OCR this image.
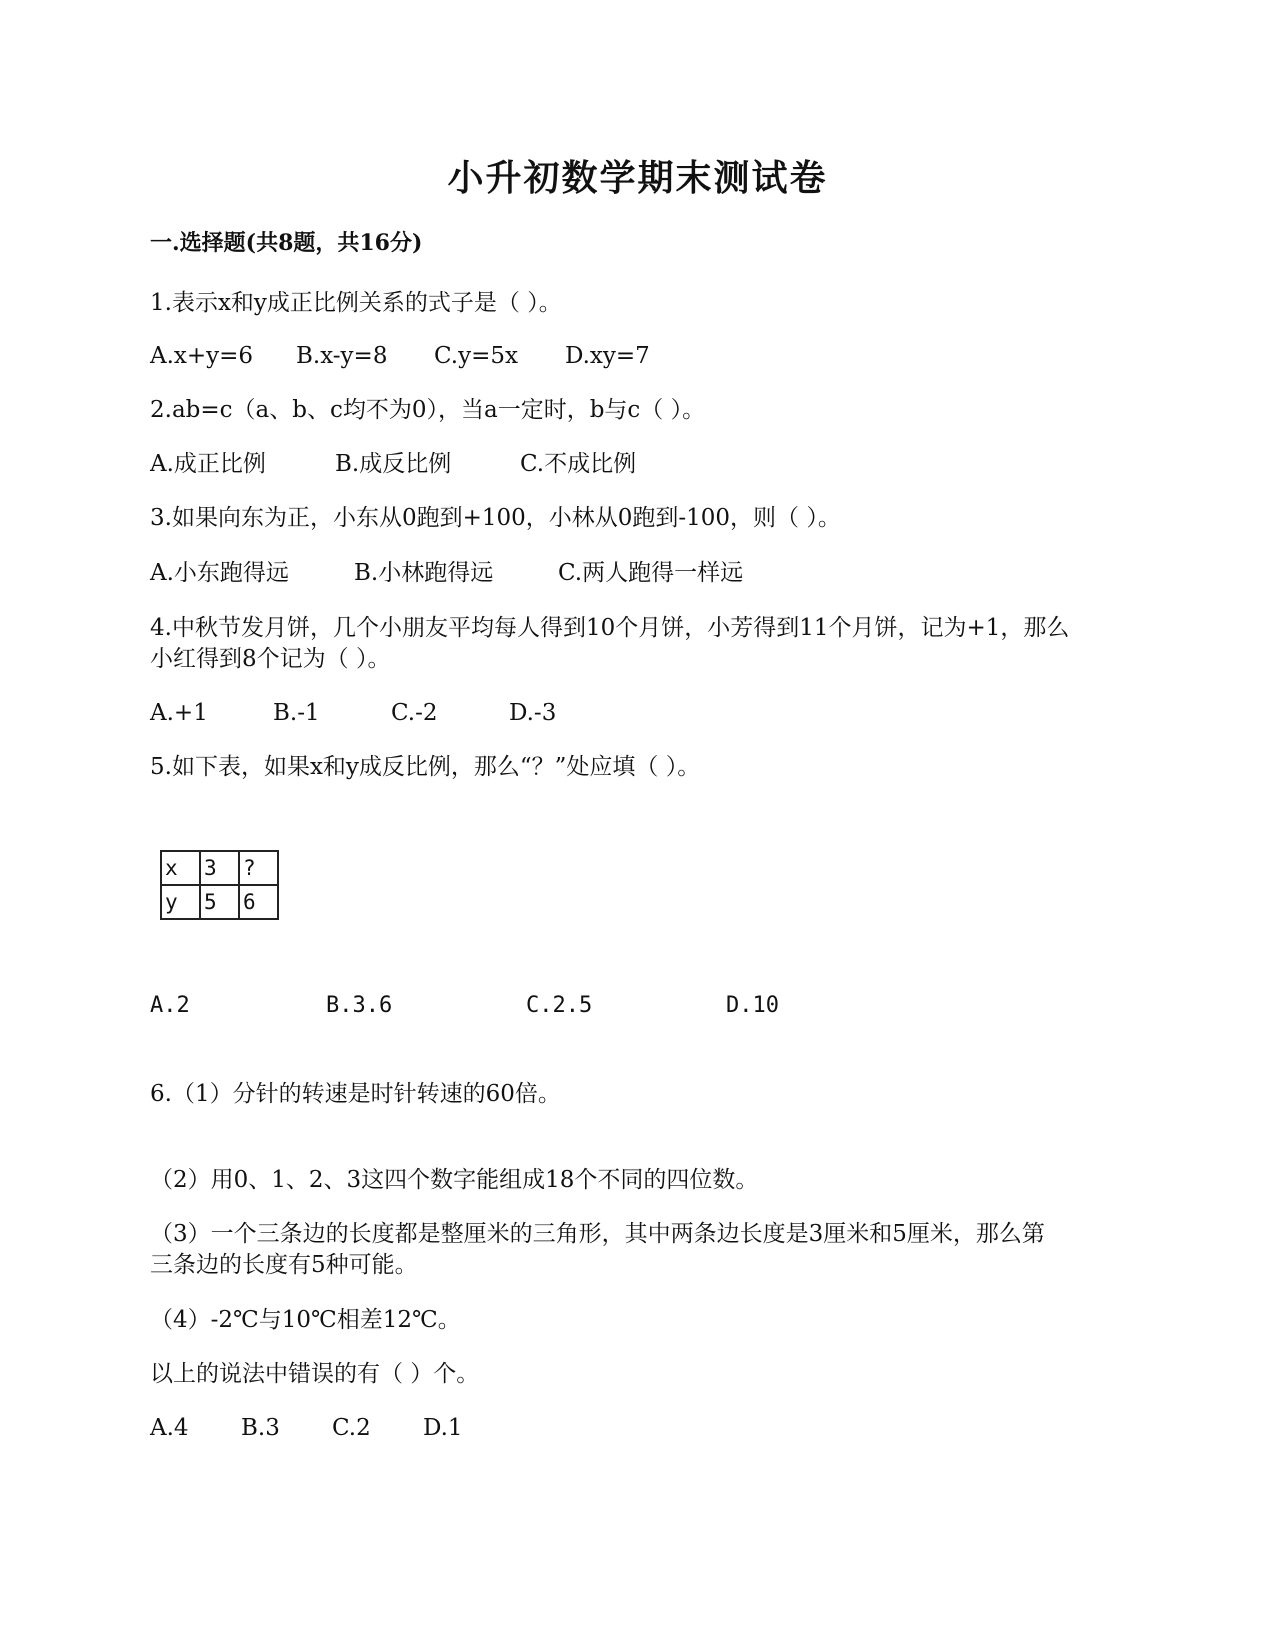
小升初数学期末测试卷
一.选择题(共8题，共16分)
1.表示x和y成正比例关系的式子是（ ）。
A.x+y=6 B.x-y=8 C.y=5x D.xy=7
2.ab=c（a、b、c均不为0），当a一定时，b与c（ ）。
A.成正比例	B.成反比例	C.不成比例
3.如果向东为正，小东从0跑到+100，小林从0跑到-100，则（ ）。
A.小东跑得远	B.小林跑得远	C.两人跑得一样远
4.中秋节发月饼，几个小朋友平均每人得到10个月饼，小芳得到11个月饼，记为+1，那么
小红得到8个记为（ ）。
A.+1	B.-1	C.-2	D.-3
5.如下表，如果x和y成反比例，那么“？”处应填（ ）。
x	3	?
y	5	6
A.2	B.3.6	C.2.5	D.10
6.（1）分针的转速是时针转速的60倍。
（2）用0、1、2、3这四个数字能组成18个不同的四位数。
（3）一个三条边的长度都是整厘米的三角形，其中两条边长度是3厘米和5厘米，那么第
三条边的长度有5种可能。
（4）-2℃与10℃相差12℃。
以上的说法中错误的有（ ）个。
A.4 B.3 C.2 D.1
